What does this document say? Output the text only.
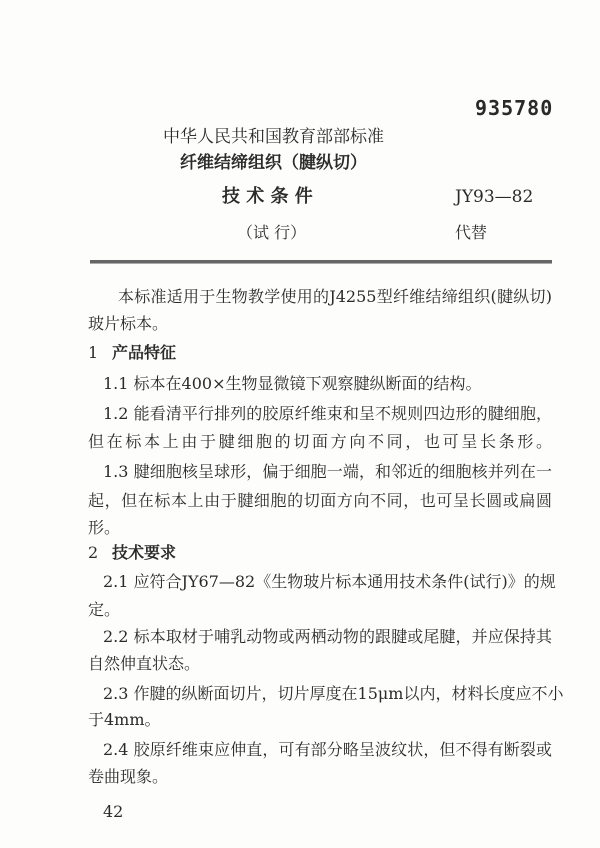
935780
中华人民共和国教育部部标准
纤维结缔组织（腱纵切）
技 术 条 件	JY93—82
（试 行）	代替
本标准适用于生物教学使用的J4255型纤维结缔组织(腱纵切)
玻片标本。
1 产品特征
1.1 标本在400×生物显微镜下观察腱纵断面的结构。
1.2 能看清平行排列的胶原纤维束和呈不规则四边形的腱细胞，
但在标本上由于腱细胞的切面方向不同，也可呈长条形。
1.3 腱细胞核呈球形，偏于细胞一端，和邻近的细胞核并列在一
起，但在标本上由于腱细胞的切面方向不同，也可呈长圆或扁圆
形。
2 技术要求
2.1 应符合JY67—82《生物玻片标本通用技术条件(试行)》的规
定。
2.2 标本取材于哺乳动物或两栖动物的跟腱或尾腱，并应保持其
自然伸直状态。
2.3 作腱的纵断面切片，切片厚度在15μm以内，材料长度应不小
于4mm。
2.4 胶原纤维束应伸直，可有部分略呈波纹状，但不得有断裂或
卷曲现象。
42
